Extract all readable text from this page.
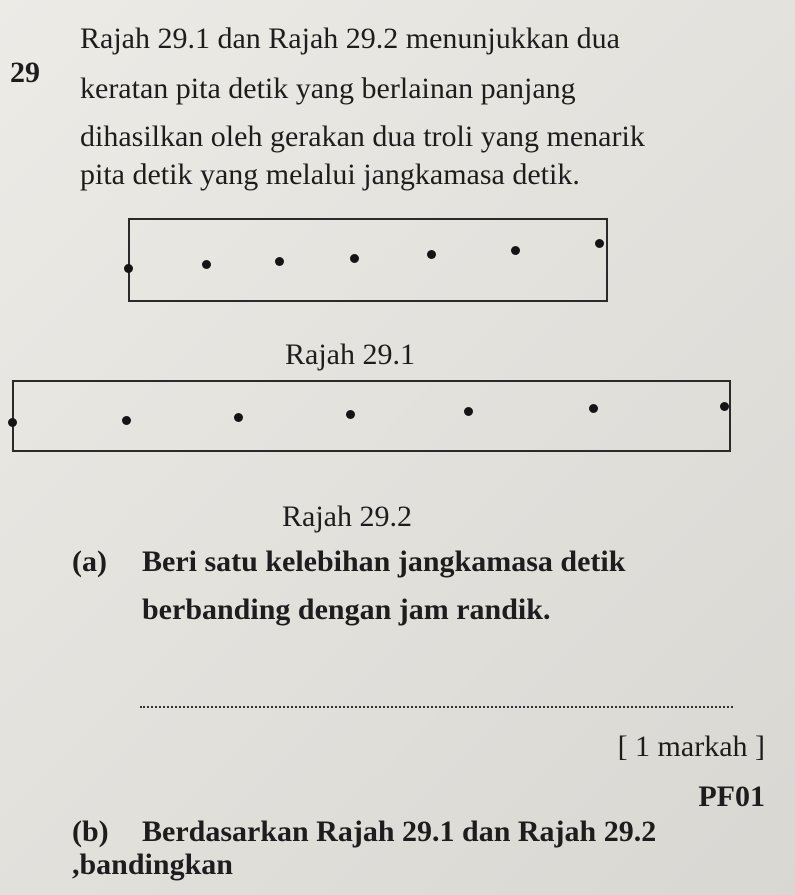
29
Rajah 29.1 dan Rajah 29.2 menunjukkan dua
keratan pita detik yang berlainan panjang
dihasilkan oleh gerakan dua troli yang menarik
pita detik yang melalui jangkamasa detik.
Rajah 29.1
Rajah 29.2
(a) Beri satu kelebihan jangkamasa detik
berbanding dengan jam randik.
[ 1 markah ]
PF01
(b) Berdasarkan Rajah 29.1 dan Rajah 29.2
,bandingkan
